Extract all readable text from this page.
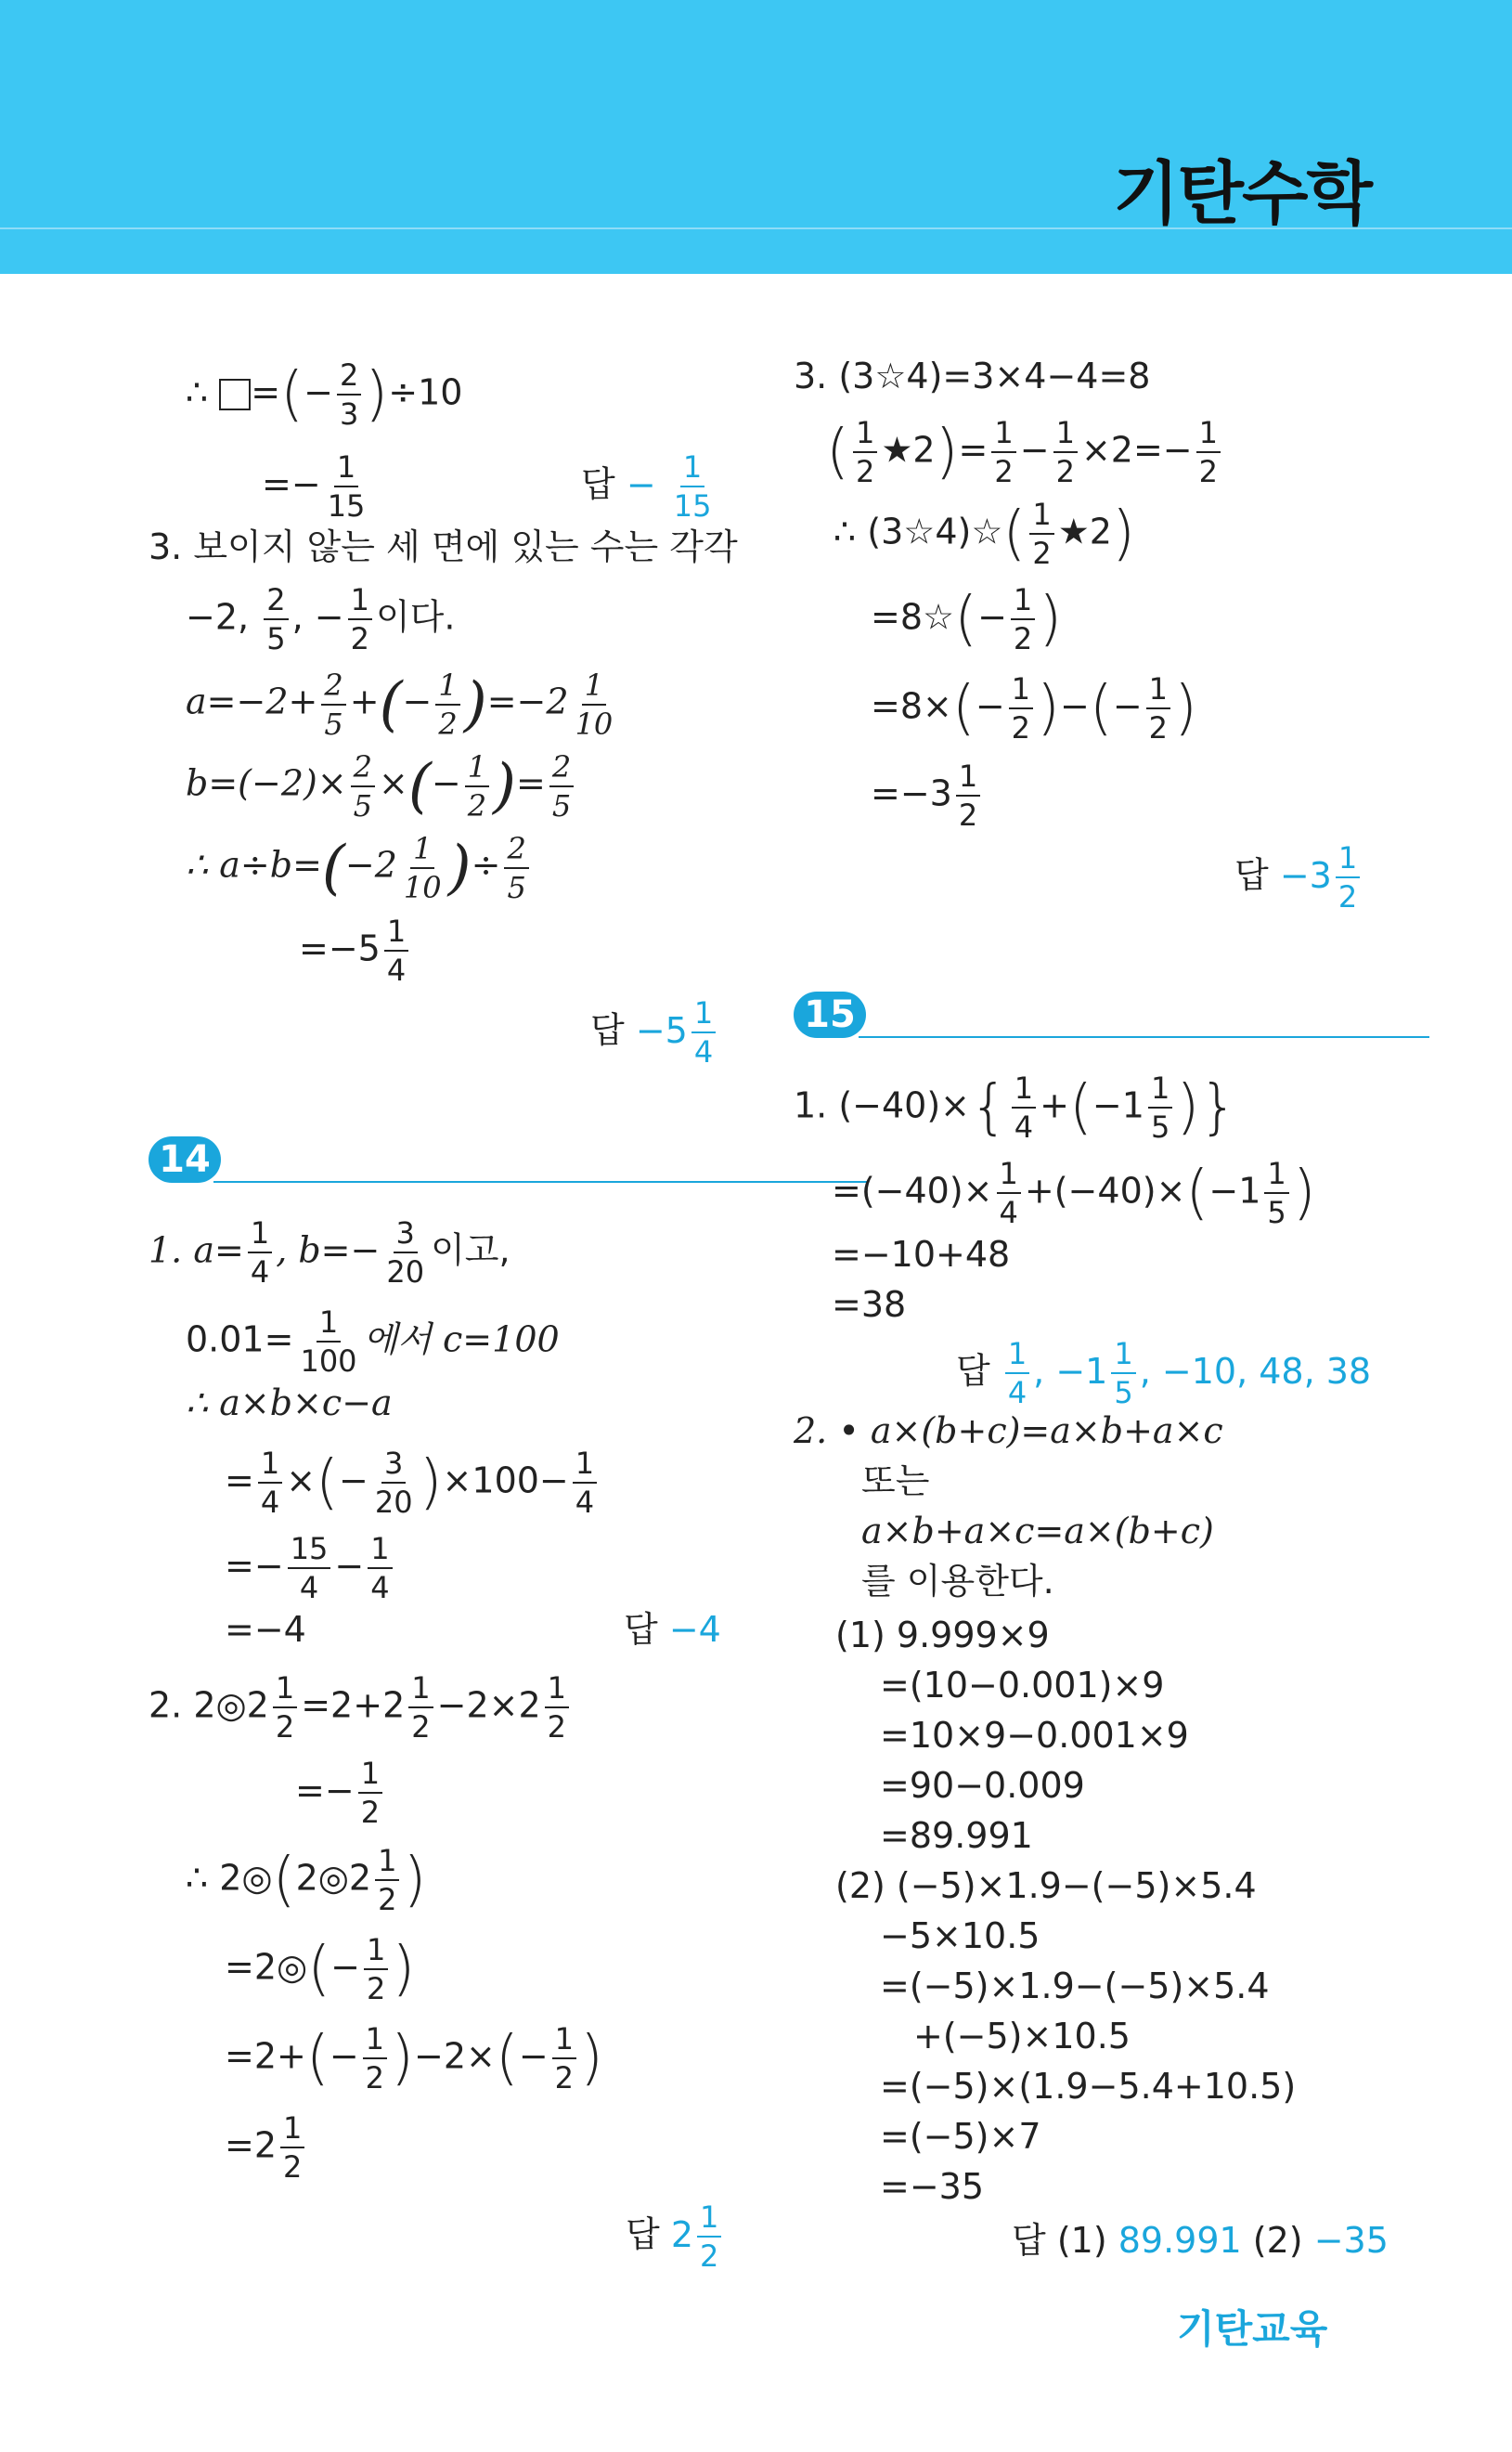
기탄수학
∴ =(− $\frac{2}{3} )\div 10$
=− $\frac{1}{15}$	답 − $\frac{1}{15}$
3. 보이지 않는 세 면에 있는 수는 각각
−2, $\frac{2}{5}$ , − $\frac{1}{2}$ 이다.
$a=-2+ \frac{2}{5}$ +(− $\frac{1}{2} )=-2 \frac{1}{10}$
$b=(-2)\times \frac{2}{5}$ ×(− $\frac{1}{2}$ )= $\frac{2}{5}$
∴ $a\div b=(-2 \frac{1}{10}$ )÷ $\frac{2}{5}$
$=-5 \frac{1}{4}$
답 $-5 \frac{1}{4}$
14
1. $a= \frac{1}{4}$ , $b=- \frac{3}{20}$ 이고,
$0.01= \frac{1}{100}$ 에서 c=100
∴ a×b×c−a
= $\frac{1}{4}$ ×(− $\frac{3}{20} )\times 100- \frac{1}{4}$
=− $\frac{15}{4} - \frac{1}{4}$
=−4	답 −4
2. 2◎2 $\frac{1}{2} =2+2 \frac{1}{2} -2\times 2 \frac{1}{2}$
=− $\frac{1}{2}$
∴ 2◎(2◎2 $\frac{1}{2}$ )
=2◎(− $\frac{1}{2}$ )
$=2+(- \frac{1}{2} )-2\times(- \frac{1}{2}$ )
$=2 \frac{1}{2}$
답 $2 \frac{1}{2}$
3. (3☆4)=3×4−4=8
( $\frac{1}{2}$ ★2)= $\frac{1}{2} - \frac{1}{2} \times 2=- \frac{1}{2}$
∴ (3☆4)☆( $\frac{1}{2}$ ★2)
=8☆(− $\frac{1}{2}$ )
$=8\times(- \frac{1}{2}$ )−(− $\frac{1}{2}$ )
$=-3 \frac{1}{2}$
답 $-3 \frac{1}{2}$
15
1. $(-40)\times\{ \frac{1}{4} +(-1 \frac{1}{5}$ )}
$=(-40)\times \frac{1}{4} +(-40)\times(-1 \frac{1}{5}$ )
=−10+48
=38
답 $\frac{1}{4}$ , $-1 \frac{1}{5}$ , −10, 48, 38
2. • a×(b+c)=a×b+a×c
또는
a×b+a×c=a×(b+c)
를 이용한다.
(1) 9.999×9
=(10−0.001)×9
=10×9−0.001×9
=90−0.009
=89.991
(2) (−5)×1.9−(−5)×5.4
−5×10.5
=(−5)×1.9−(−5)×5.4
+(−5)×10.5
=(−5)×(1.9−5.4+10.5)
=(−5)×7
=−35
답 (1) 89.991 (2) −35
기탄교육
